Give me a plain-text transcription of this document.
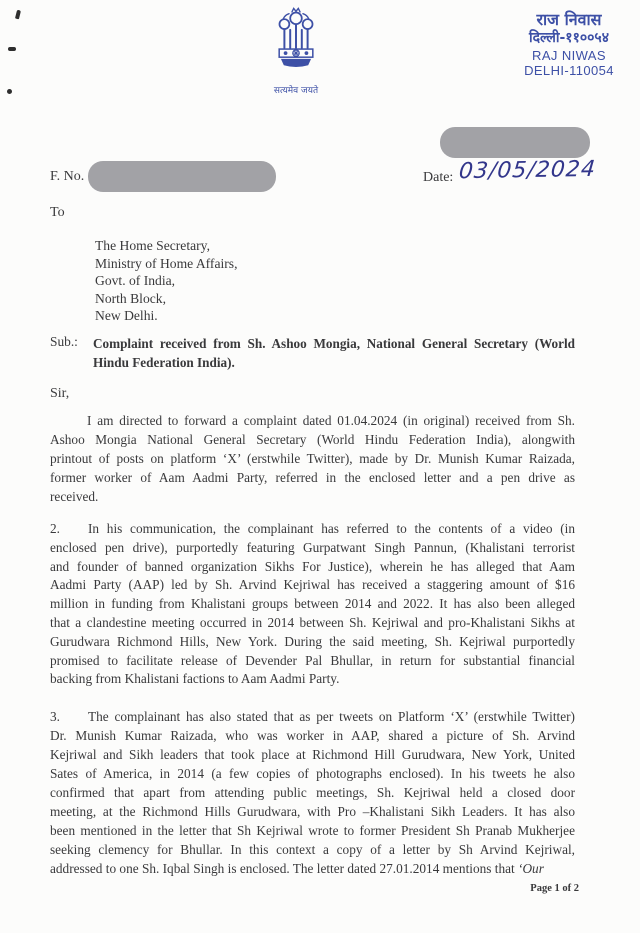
सत्यमेव जयते
राज निवास
दिल्ली-११००५४
RAJ NIWAS
DELHI-110054
F. No.	Date: 03/05/2024
To
The Home Secretary,
Ministry of Home Affairs,
Govt. of India,
North Block,
New Delhi.
Sub.:	Complaint received from Sh. Ashoo Mongia, National General Secretary (World
Hindu Federation India).
Sir,
I am directed to forward a complaint dated 01.04.2024 (in original) received from Sh.
Ashoo Mongia National General Secretary (World Hindu Federation India), alongwith
printout of posts on platform ‘X’ (erstwhile Twitter), made by Dr. Munish Kumar Raizada,
former worker of Aam Aadmi Party, referred in the enclosed letter and a pen drive as
received.
2. In his communication, the complainant has referred to the contents of a video (in
enclosed pen drive), purportedly featuring Gurpatwant Singh Pannun, (Khalistani terrorist
and founder of banned organization Sikhs For Justice), wherein he has alleged that Aam
Aadmi Party (AAP) led by Sh. Arvind Kejriwal has received a staggering amount of $16
million in funding from Khalistani groups between 2014 and 2022. It has also been alleged
that a clandestine meeting occurred in 2014 between Sh. Kejriwal and pro-Khalistani Sikhs at
Gurudwara Richmond Hills, New York. During the said meeting, Sh. Kejriwal purportedly
promised to facilitate release of Devender Pal Bhullar, in return for substantial financial
backing from Khalistani factions to Aam Aadmi Party.
3. The complainant has also stated that as per tweets on Platform ‘X’ (erstwhile Twitter)
Dr. Munish Kumar Raizada, who was worker in AAP, shared a picture of Sh. Arvind
Kejriwal and Sikh leaders that took place at Richmond Hill Gurudwara, New York, United
Sates of America, in 2014 (a few copies of photographs enclosed). In his tweets he also
confirmed that apart from attending public meetings, Sh. Kejriwal held a closed door
meeting, at the Richmond Hills Gurudwara, with Pro –Khalistani Sikh Leaders. It has also
been mentioned in the letter that Sh Kejriwal wrote to former President Sh Pranab Mukherjee
seeking clemency for Bhullar. In this context a copy of a letter by Sh Arvind Kejriwal,
addressed to one Sh. Iqbal Singh is enclosed. The letter dated 27.01.2014 mentions that ‘Our
Page 1 of 2
